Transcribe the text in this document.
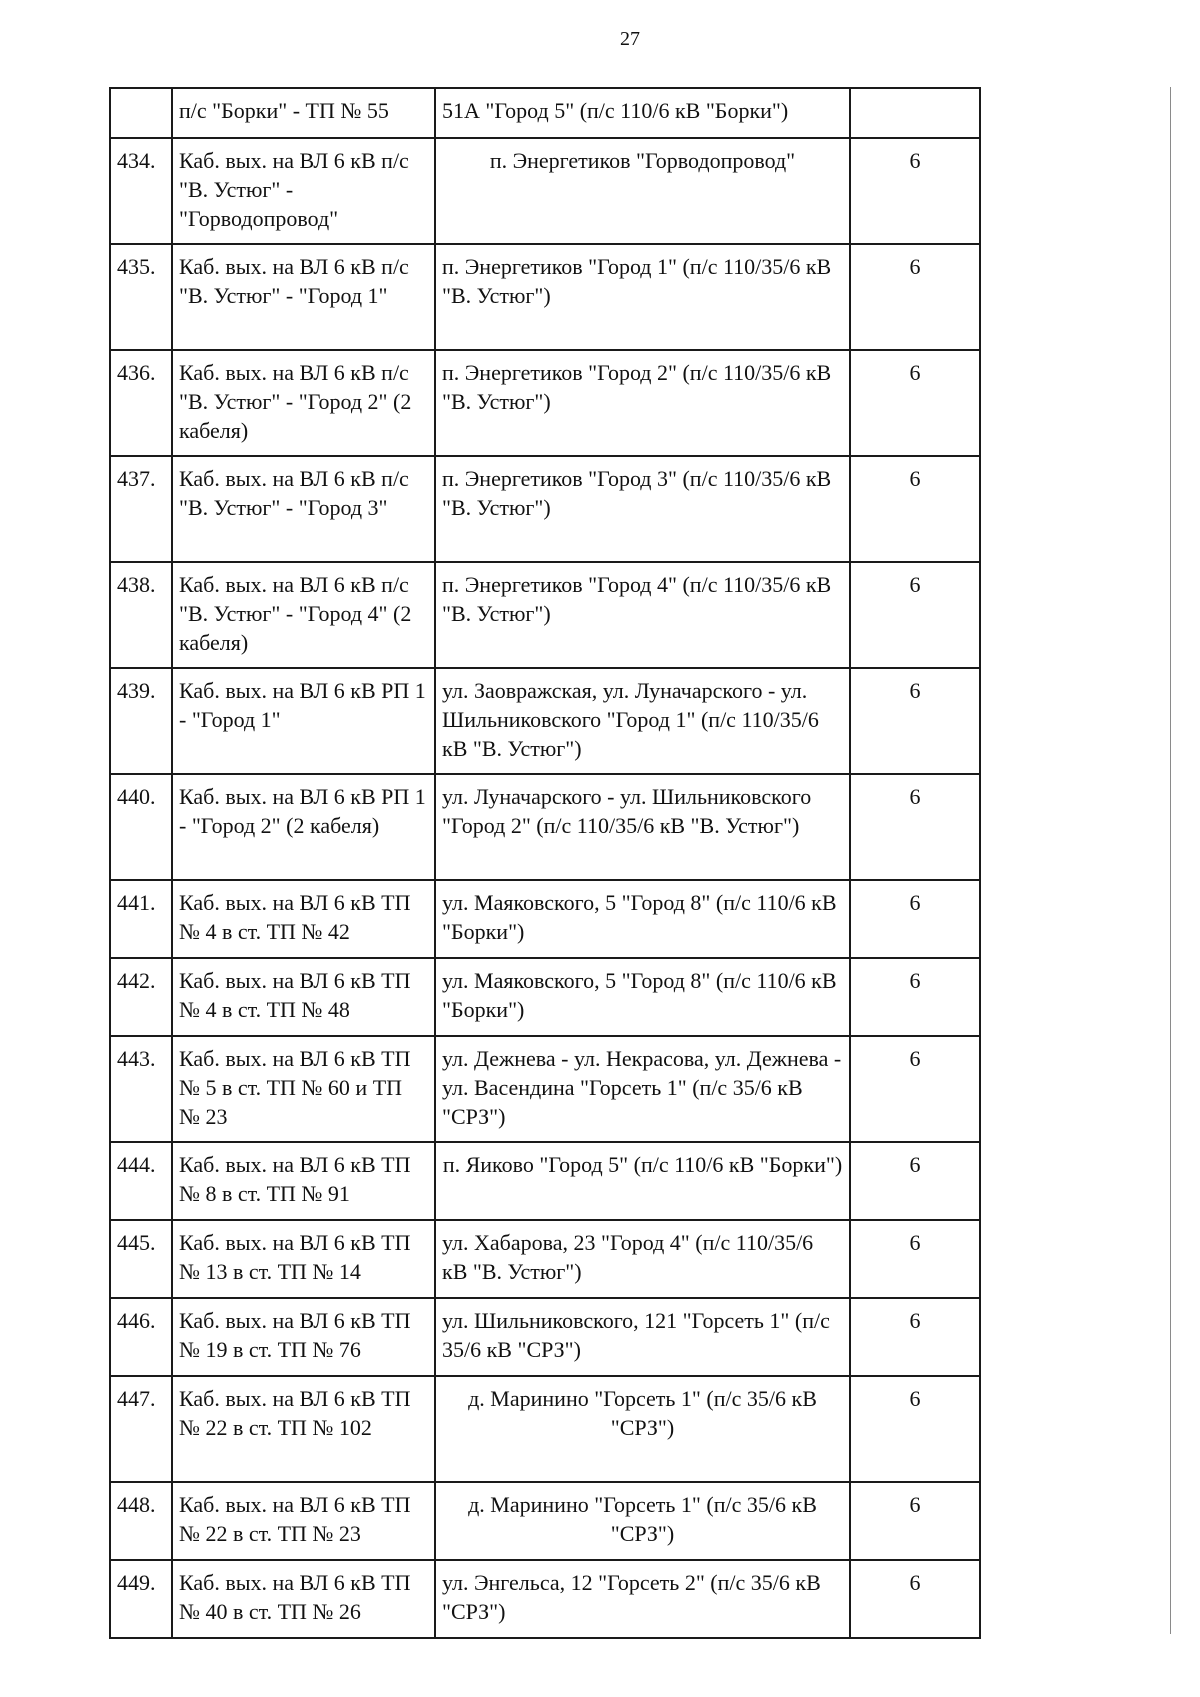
27
	п/с "Борки" - ТП № 55	51А "Город 5" (п/с 110/6 кВ "Борки")	
434.	Каб. вых. на ВЛ 6 кВ п/с "В. Устюг" - "Горводопровод"	п. Энергетиков "Горводопровод"	6
435.	Каб. вых. на ВЛ 6 кВ п/с "В. Устюг" - "Город 1"	п. Энергетиков "Город 1" (п/с 110/35/6 кВ "В. Устюг")	6
436.	Каб. вых. на ВЛ 6 кВ п/с "В. Устюг" - "Город 2" (2 кабеля)	п. Энергетиков "Город 2" (п/с 110/35/6 кВ "В. Устюг")	6
437.	Каб. вых. на ВЛ 6 кВ п/с "В. Устюг" - "Город 3"	п. Энергетиков "Город 3" (п/с 110/35/6 кВ "В. Устюг")	6
438.	Каб. вых. на ВЛ 6 кВ п/с "В. Устюг" - "Город 4" (2 кабеля)	п. Энергетиков "Город 4" (п/с 110/35/6 кВ "В. Устюг")	6
439.	Каб. вых. на ВЛ 6 кВ РП 1 - "Город 1"	ул. Заовражская, ул. Луначарского - ул. Шильниковского "Город 1" (п/с 110/35/6 кВ "В. Устюг")	6
440.	Каб. вых. на ВЛ 6 кВ РП 1 - "Город 2" (2 кабеля)	ул. Луначарского - ул. Шильниковского "Город 2" (п/с 110/35/6 кВ "В. Устюг")	6
441.	Каб. вых. на ВЛ 6 кВ ТП № 4 в ст. ТП № 42	ул. Маяковского, 5 "Город 8" (п/с 110/6 кВ "Борки")	6
442.	Каб. вых. на ВЛ 6 кВ ТП № 4 в ст. ТП № 48	ул. Маяковского, 5 "Город 8" (п/с 110/6 кВ "Борки")	6
443.	Каб. вых. на ВЛ 6 кВ ТП № 5 в ст. ТП № 60 и ТП № 23	ул. Дежнева - ул. Некрасова, ул. Дежнева - ул. Васендина "Горсеть 1" (п/с 35/6 кВ "СРЗ")	6
444.	Каб. вых. на ВЛ 6 кВ ТП № 8 в ст. ТП № 91	п. Яиково "Город 5" (п/с 110/6 кВ "Борки")	6
445.	Каб. вых. на ВЛ 6 кВ ТП № 13 в ст. ТП № 14	ул. Хабарова, 23 "Город 4" (п/с 110/35/6 кВ "В. Устюг")	6
446.	Каб. вых. на ВЛ 6 кВ ТП № 19 в ст. ТП № 76	ул. Шильниковского, 121 "Горсеть 1" (п/с 35/6 кВ "СРЗ")	6
447.	Каб. вых. на ВЛ 6 кВ ТП № 22 в ст. ТП № 102	д. Маринино "Горсеть 1" (п/с 35/6 кВ "СРЗ")	6
448.	Каб. вых. на ВЛ 6 кВ ТП № 22 в ст. ТП № 23	д. Маринино "Горсеть 1" (п/с 35/6 кВ "СРЗ")	6
449.	Каб. вых. на ВЛ 6 кВ ТП № 40 в ст. ТП № 26	ул. Энгельса, 12 "Горсеть 2" (п/с 35/6 кВ "СРЗ")	6
